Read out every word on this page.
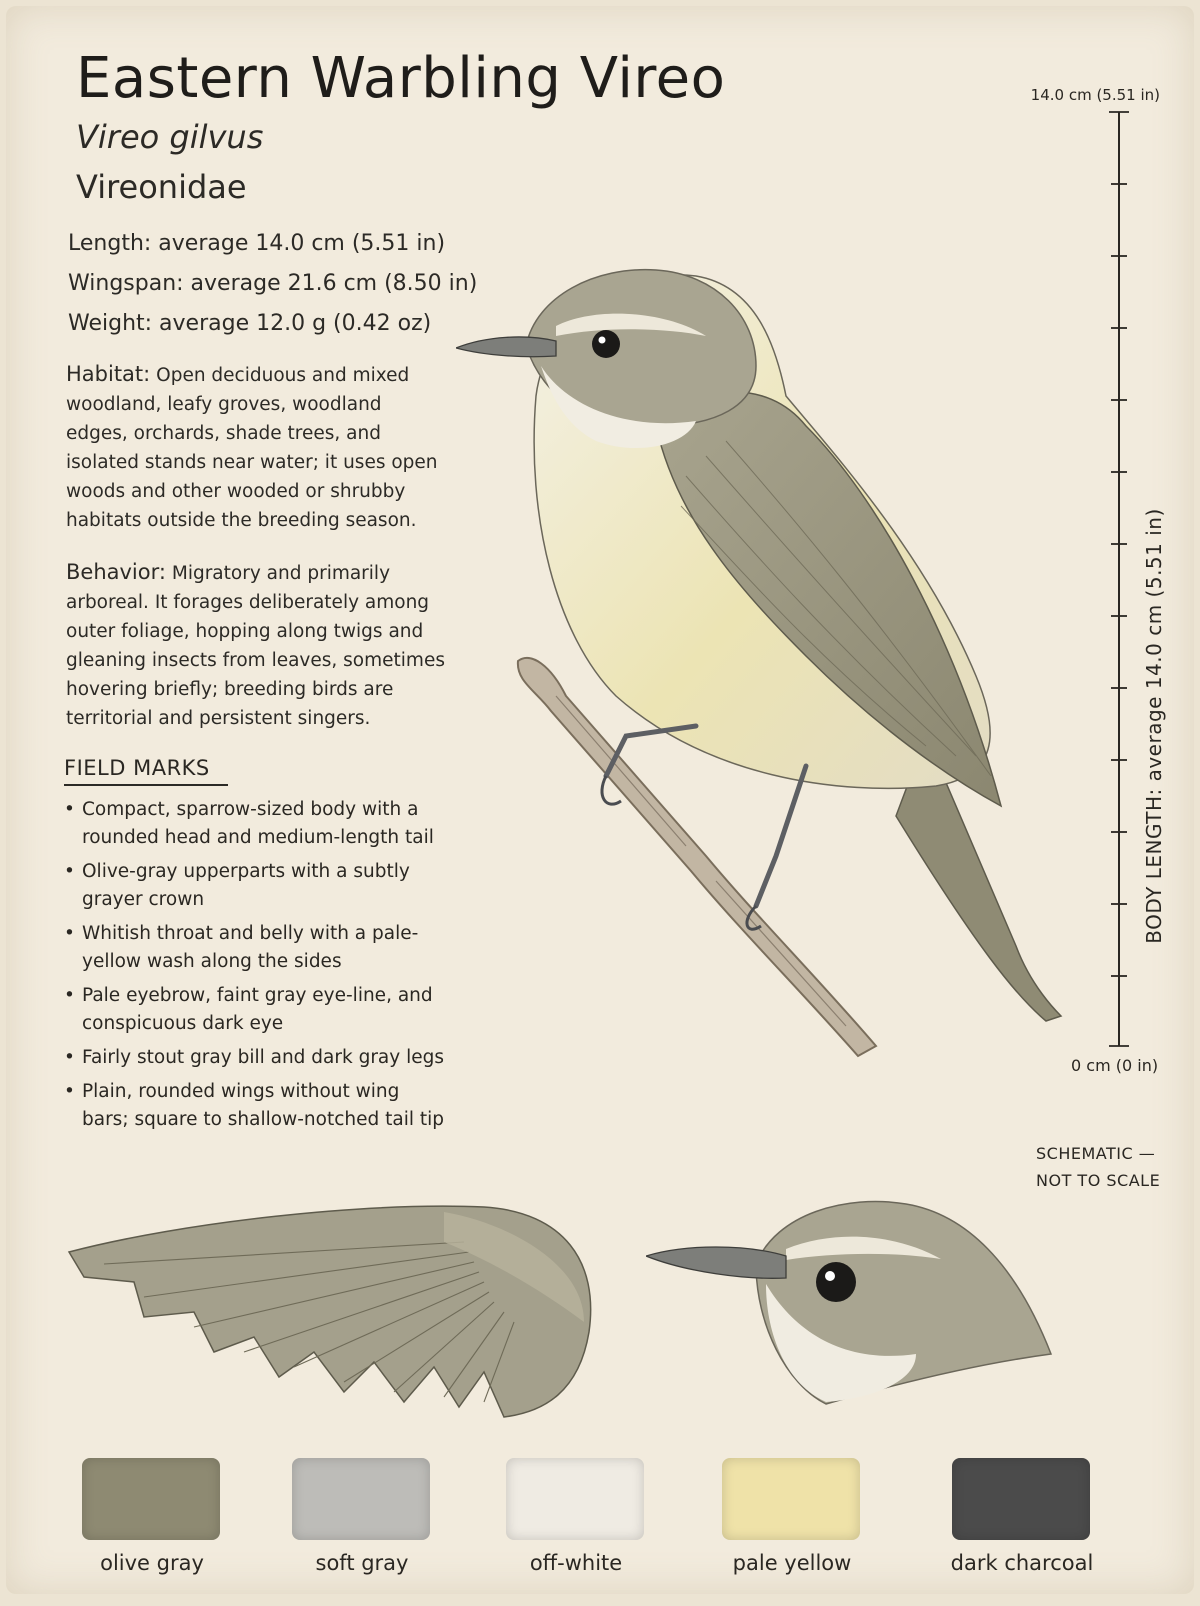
Eastern Warbling Vireo
Vireo gilvus
Vireonidae
Length: average 14.0 cm (5.51 in)
Wingspan: average 21.6 cm (8.50 in)
Weight: average 12.0 g (0.42 oz)
Habitat: Open deciduous and mixed woodland, leafy groves, woodland edges, orchards, shade trees, and isolated stands near water; it uses open woods and other wooded or shrubby habitats outside the breeding season.
Behavior: Migratory and primarily arboreal. It forages deliberately among outer foliage, hopping along twigs and gleaning insects from leaves, sometimes hovering briefly; breeding birds are territorial and persistent singers.
FIELD MARKS
• Compact, sparrow-sized body with a rounded head and medium-length tail
• Olive-gray upperparts with a subtly grayer crown
• Whitish throat and belly with a pale-yellow wash along the sides
• Pale eyebrow, faint gray eye-line, and conspicuous dark eye
• Fairly stout gray bill and dark gray legs
• Plain, rounded wings without wing bars; square to shallow-notched tail tip
14.0 cm (5.51 in)
BODY LENGTH: average 14.0 cm (5.51 in)
0 cm (0 in)
SCHEMATIC —
NOT TO SCALE
olive gray	soft gray	off-white	pale yellow	dark charcoal
